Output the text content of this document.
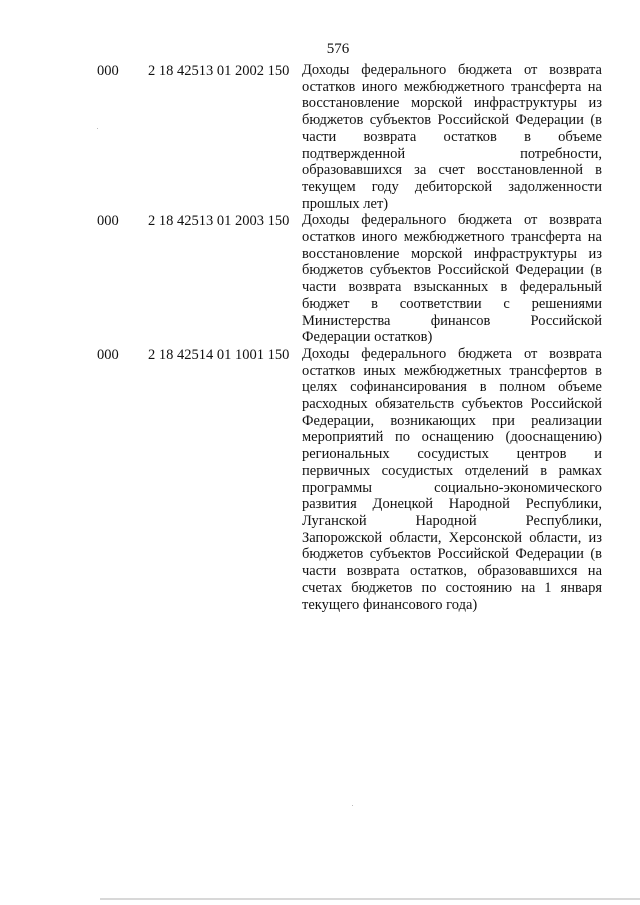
576
000 2 18 42513 01 2002 150 Доходы федерального бюджета от возврата
остатков иного межбюджетного трансферта на
восстановление морской инфраструктуры из
бюджетов субъектов Российской Федерации (в
части возврата остатков в объеме
подтвержденной потребности,
образовавшихся за счет восстановленной в
текущем году дебиторской задолженности
прошлых лет)
000 2 18 42513 01 2003 150 Доходы федерального бюджета от возврата
остатков иного межбюджетного трансферта на
восстановление морской инфраструктуры из
бюджетов субъектов Российской Федерации (в
части возврата взысканных в федеральный
бюджет в соответствии с решениями
Министерства финансов Российской
Федерации остатков)
000 2 18 42514 01 1001 150 Доходы федерального бюджета от возврата
остатков иных межбюджетных трансфертов в
целях софинансирования в полном объеме
расходных обязательств субъектов Российской
Федерации, возникающих при реализации
мероприятий по оснащению (дооснащению)
региональных сосудистых центров и
первичных сосудистых отделений в рамках
программы социально-экономического
развития Донецкой Народной Республики,
Луганской Народной Республики,
Запорожской области, Херсонской области, из
бюджетов субъектов Российской Федерации (в
части возврата остатков, образовавшихся на
счетах бюджетов по состоянию на 1 января
текущего финансового года)
